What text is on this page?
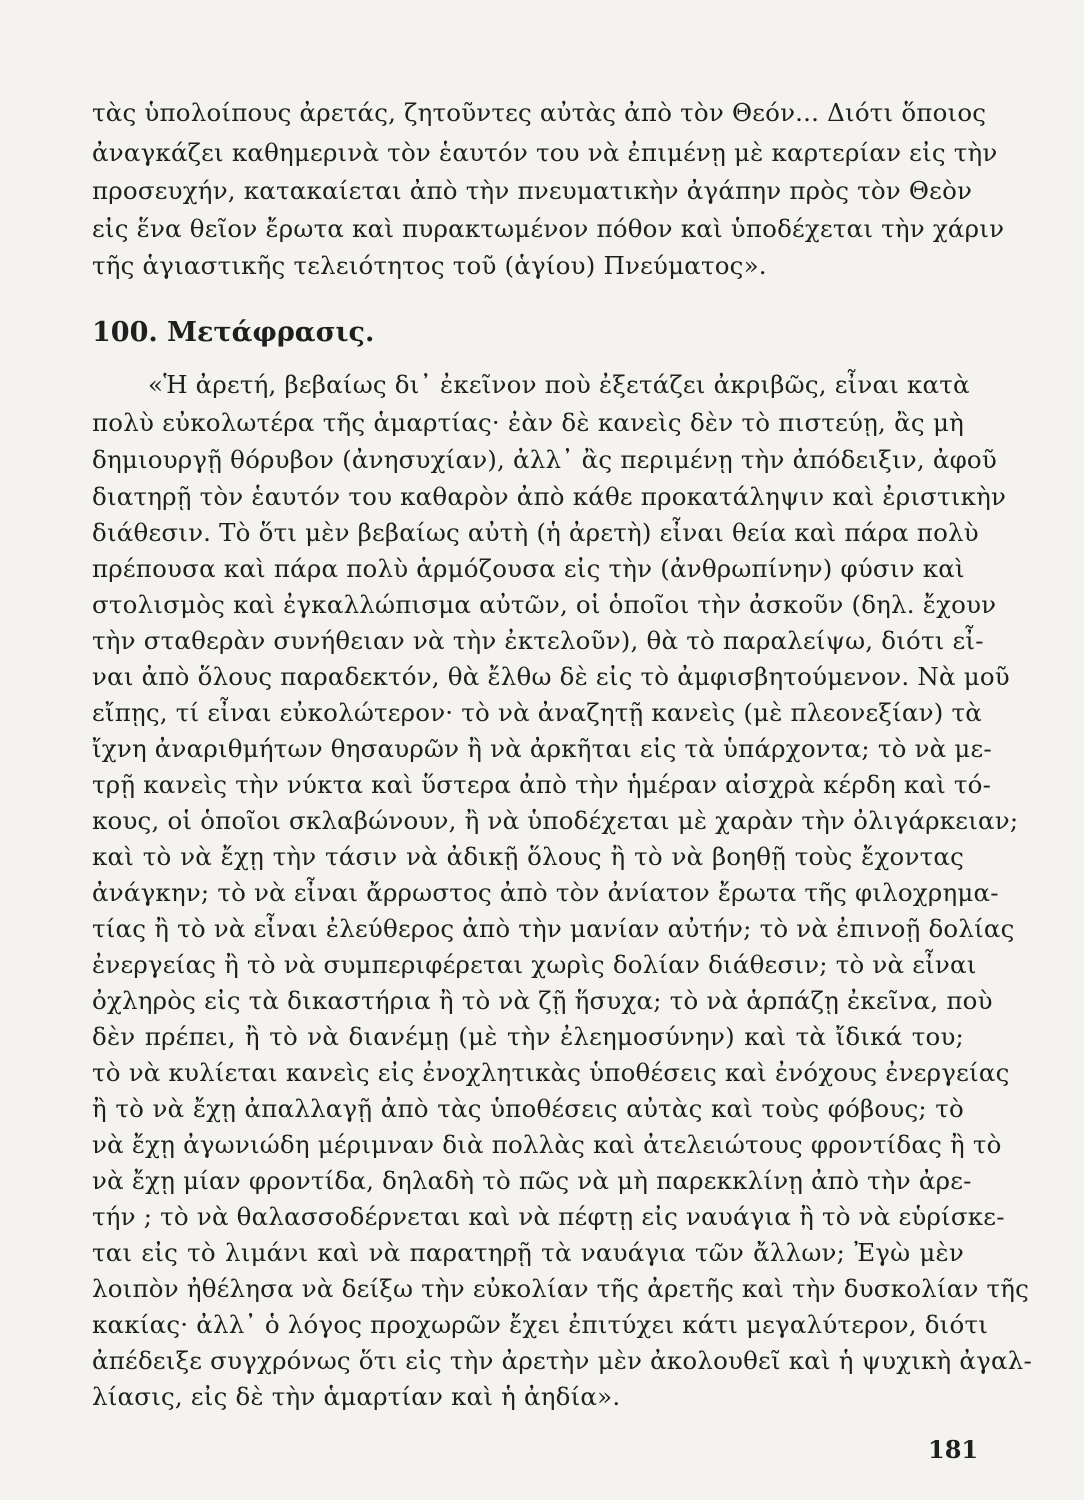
τὰς ὑπολοίπους ἀρετάς, ζητοῦντες αὐτὰς ἀπὸ τὸν Θεόν... Διότι ὅποιος
ἀναγκάζει καθημερινὰ τὸν ἑαυτόν του νὰ ἐπιμένῃ μὲ καρτερίαν εἰς τὴν
προσευχήν, κατακαίεται ἀπὸ τὴν πνευματικὴν ἀγάπην πρὸς τὸν Θεὸν
εἰς ἕνα θεῖον ἔρωτα καὶ πυρακτωμένον πόθον καὶ ὑποδέχεται τὴν χάριν
τῆς ἁγιαστικῆς τελειότητος τοῦ (ἁγίου) Πνεύματος».
100. Μετάφρασις.
«Ἡ ἀρετή, βεβαίως δι᾽ ἐκεῖνον ποὺ ἐξετάζει ἀκριβῶς, εἶναι κατὰ
πολὺ εὐκολωτέρα τῆς ἁμαρτίας· ἐὰν δὲ κανεὶς δὲν τὸ πιστεύῃ, ἂς μὴ
δημιουργῇ θόρυβον (ἀνησυχίαν), ἀλλ᾽ ἂς περιμένῃ τὴν ἀπόδειξιν, ἀφοῦ
διατηρῇ τὸν ἑαυτόν του καθαρὸν ἀπὸ κάθε προκατάληψιν καὶ ἐριστικὴν
διάθεσιν. Τὸ ὅτι μὲν βεβαίως αὐτὴ (ἡ ἀρετὴ) εἶναι θεία καὶ πάρα πολὺ
πρέπουσα καὶ πάρα πολὺ ἁρμόζουσα εἰς τὴν (ἀνθρωπίνην) φύσιν καὶ
στολισμὸς καὶ ἐγκαλλώπισμα αὐτῶν, οἱ ὁποῖοι τὴν ἀσκοῦν (δηλ. ἔχουν
τὴν σταθερὰν συνήθειαν νὰ τὴν ἐκτελοῦν), θὰ τὸ παραλείψω, διότι εἶ-
ναι ἀπὸ ὅλους παραδεκτόν, θὰ ἔλθω δὲ εἰς τὸ ἀμφισβητούμενον. Νὰ μοῦ
εἴπῃς, τί εἶναι εὐκολώτερον· τὸ νὰ ἀναζητῇ κανεὶς (μὲ πλεονεξίαν) τὰ
ἴχνη ἀναριθμήτων θησαυρῶν ἢ νὰ ἀρκῆται εἰς τὰ ὑπάρχοντα; τὸ νὰ με-
τρῇ κανεὶς τὴν νύκτα καὶ ὕστερα ἀπὸ τὴν ἡμέραν αἰσχρὰ κέρδη καὶ τό-
κους, οἱ ὁποῖοι σκλαβώνουν, ἢ νὰ ὑποδέχεται μὲ χαρὰν τὴν ὀλιγάρκειαν;
καὶ τὸ νὰ ἔχῃ τὴν τάσιν νὰ ἀδικῇ ὅλους ἢ τὸ νὰ βοηθῇ τοὺς ἔχοντας
ἀνάγκην; τὸ νὰ εἶναι ἄρρωστος ἀπὸ τὸν ἀνίατον ἔρωτα τῆς φιλοχρημα-
τίας ἢ τὸ νὰ εἶναι ἐλεύθερος ἀπὸ τὴν μανίαν αὐτήν; τὸ νὰ ἐπινοῇ δολίας
ἐνεργείας ἢ τὸ νὰ συμπεριφέρεται χωρὶς δολίαν διάθεσιν; τὸ νὰ εἶναι
ὀχληρὸς εἰς τὰ δικαστήρια ἢ τὸ νὰ ζῇ ἥσυχα; τὸ νὰ ἁρπάζῃ ἐκεῖνα, ποὺ
δὲν πρέπει, ἢ τὸ νὰ διανέμῃ (μὲ τὴν ἐλεημοσύνην) καὶ τὰ ἴδικά του;
τὸ νὰ κυλίεται κανεὶς εἰς ἐνοχλητικὰς ὑποθέσεις καὶ ἐνόχους ἐνεργείας
ἢ τὸ νὰ ἔχῃ ἀπαλλαγῇ ἀπὸ τὰς ὑποθέσεις αὐτὰς καὶ τοὺς φόβους; τὸ
νὰ ἔχῃ ἀγωνιώδη μέριμναν διὰ πολλὰς καὶ ἀτελειώτους φροντίδας ἢ τὸ
νὰ ἔχῃ μίαν φροντίδα, δηλαδὴ τὸ πῶς νὰ μὴ παρεκκλίνῃ ἀπὸ τὴν ἀρε-
τήν ; τὸ νὰ θαλασσοδέρνεται καὶ νὰ πέφτῃ εἰς ναυάγια ἢ τὸ νὰ εὑρίσκε-
ται εἰς τὸ λιμάνι καὶ νὰ παρατηρῇ τὰ ναυάγια τῶν ἄλλων; Ἐγὼ μὲν
λοιπὸν ἠθέλησα νὰ δείξω τὴν εὐκολίαν τῆς ἀρετῆς καὶ τὴν δυσκολίαν τῆς
κακίας· ἀλλ᾽ ὁ λόγος προχωρῶν ἔχει ἐπιτύχει κάτι μεγαλύτερον, διότι
ἀπέδειξε συγχρόνως ὅτι εἰς τὴν ἀρετὴν μὲν ἀκολουθεῖ καὶ ἡ ψυχικὴ ἀγαλ-
λίασις, εἰς δὲ τὴν ἁμαρτίαν καὶ ἡ ἀηδία».
181
